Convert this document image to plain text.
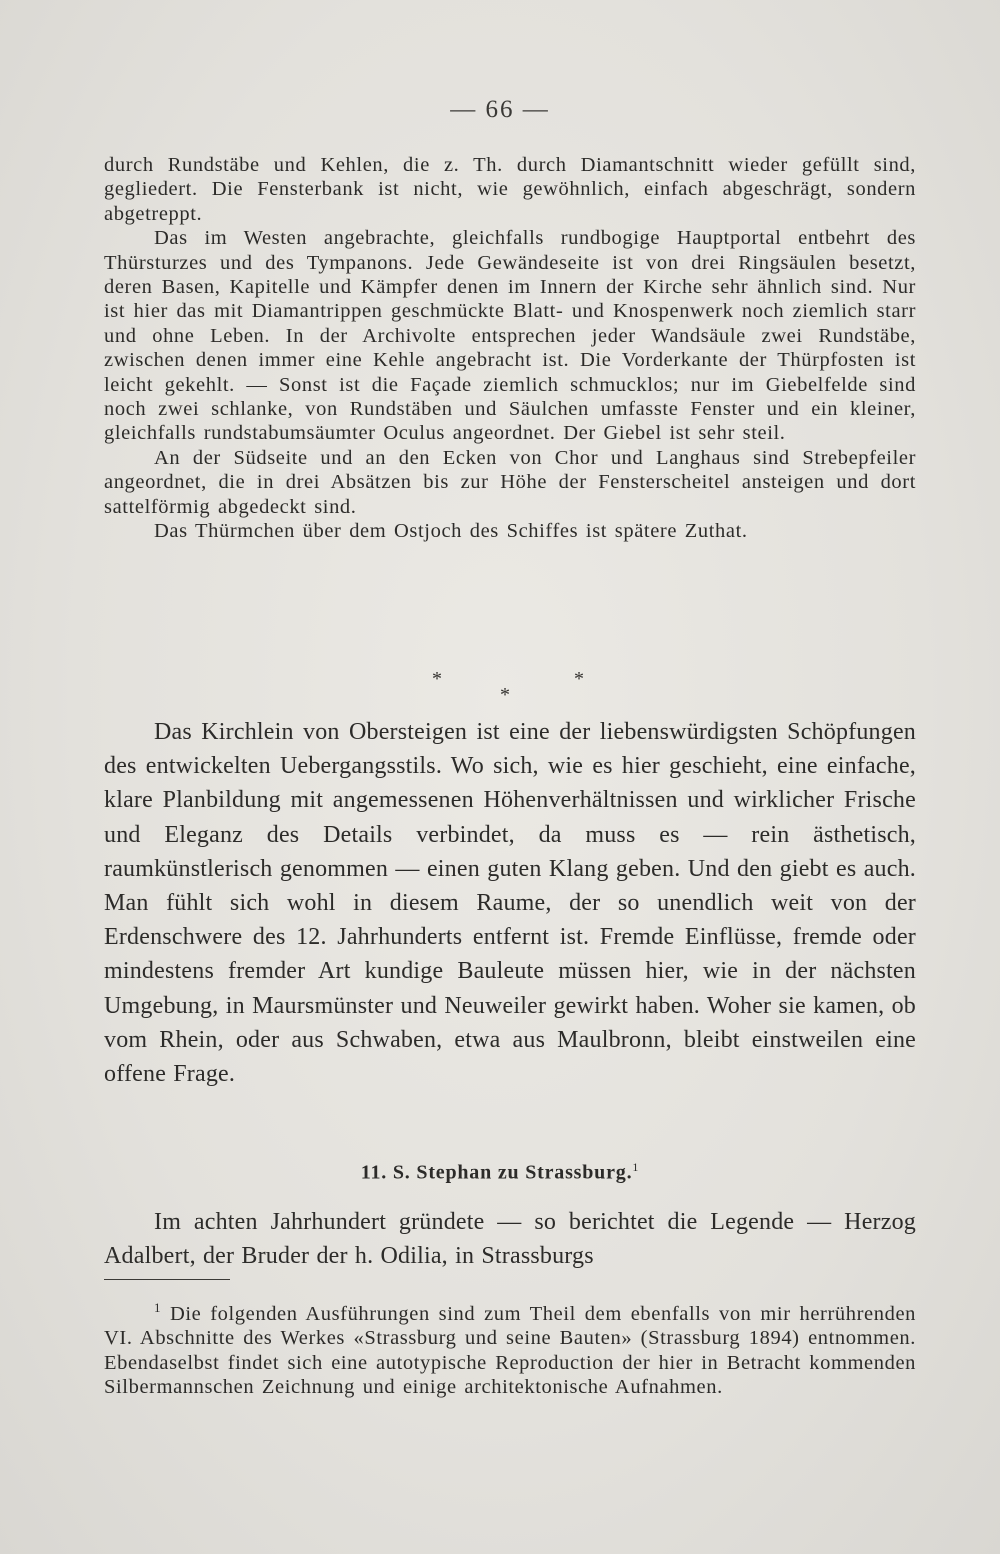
— 66 —

durch Rundstäbe und Kehlen, die z. Th. durch Diamantschnitt wieder gefüllt sind, gegliedert. Die Fensterbank ist nicht, wie gewöhnlich, einfach abgeschrägt, sondern abgetreppt.

Das im Westen angebrachte, gleichfalls rundbogige Hauptportal entbehrt des Thürsturzes und des Tympanons. Jede Gewändeseite ist von drei Ringsäulen besetzt, deren Basen, Kapitelle und Kämpfer denen im Innern der Kirche sehr ähnlich sind. Nur ist hier das mit Diamantrippen geschmückte Blatt- und Knospenwerk noch ziemlich starr und ohne Leben. In der Archivolte entsprechen jeder Wandsäule zwei Rundstäbe, zwischen denen immer eine Kehle angebracht ist. Die Vorderkante der Thürpfosten ist leicht gekehlt. — Sonst ist die Façade ziemlich schmucklos; nur im Giebelfelde sind noch zwei schlanke, von Rundstäben und Säulchen umfasste Fenster und ein kleiner, gleichfalls rundstabumsäumter Oculus angeordnet. Der Giebel ist sehr steil.

An der Südseite und an den Ecken von Chor und Langhaus sind Strebepfeiler angeordnet, die in drei Absätzen bis zur Höhe der Fensterscheitel ansteigen und dort sattelförmig abgedeckt sind.

Das Thürmchen über dem Ostjoch des Schiffes ist spätere Zuthat.

*
*
*
Das Kirchlein von Obersteigen ist eine der liebenswürdigsten Schöpfungen des entwickelten Uebergangsstils. Wo sich, wie es hier geschieht, eine einfache, klare Planbildung mit angemessenen Höhenverhältnissen und wirklicher Frische und Eleganz des Details verbindet, da muss es — rein ästhetisch, raumkünstlerisch genommen — einen guten Klang geben. Und den giebt es auch. Man fühlt sich wohl in diesem Raume, der so unendlich weit von der Erdenschwere des 12. Jahrhunderts entfernt ist. Fremde Einflüsse, fremde oder mindestens fremder Art kundige Bauleute müssen hier, wie in der nächsten Umgebung, in Maursmünster und Neuweiler gewirkt haben. Woher sie kamen, ob vom Rhein, oder aus Schwaben, etwa aus Maulbronn, bleibt einstweilen eine offene Frage.
11. S. Stephan zu Strassburg.$^1$
Im achten Jahrhundert gründete — so berichtet die Legende — Herzog Adalbert, der Bruder der h. Odilia, in Strassburgs
$^1$ Die folgenden Ausführungen sind zum Theil dem ebenfalls von mir herrührenden VI. Abschnitte des Werkes «Strassburg und seine Bauten» (Strassburg 1894) entnommen. Ebendaselbst findet sich eine autotypische Reproduction der hier in Betracht kommenden Silbermannschen Zeichnung und einige architektonische Aufnahmen.
